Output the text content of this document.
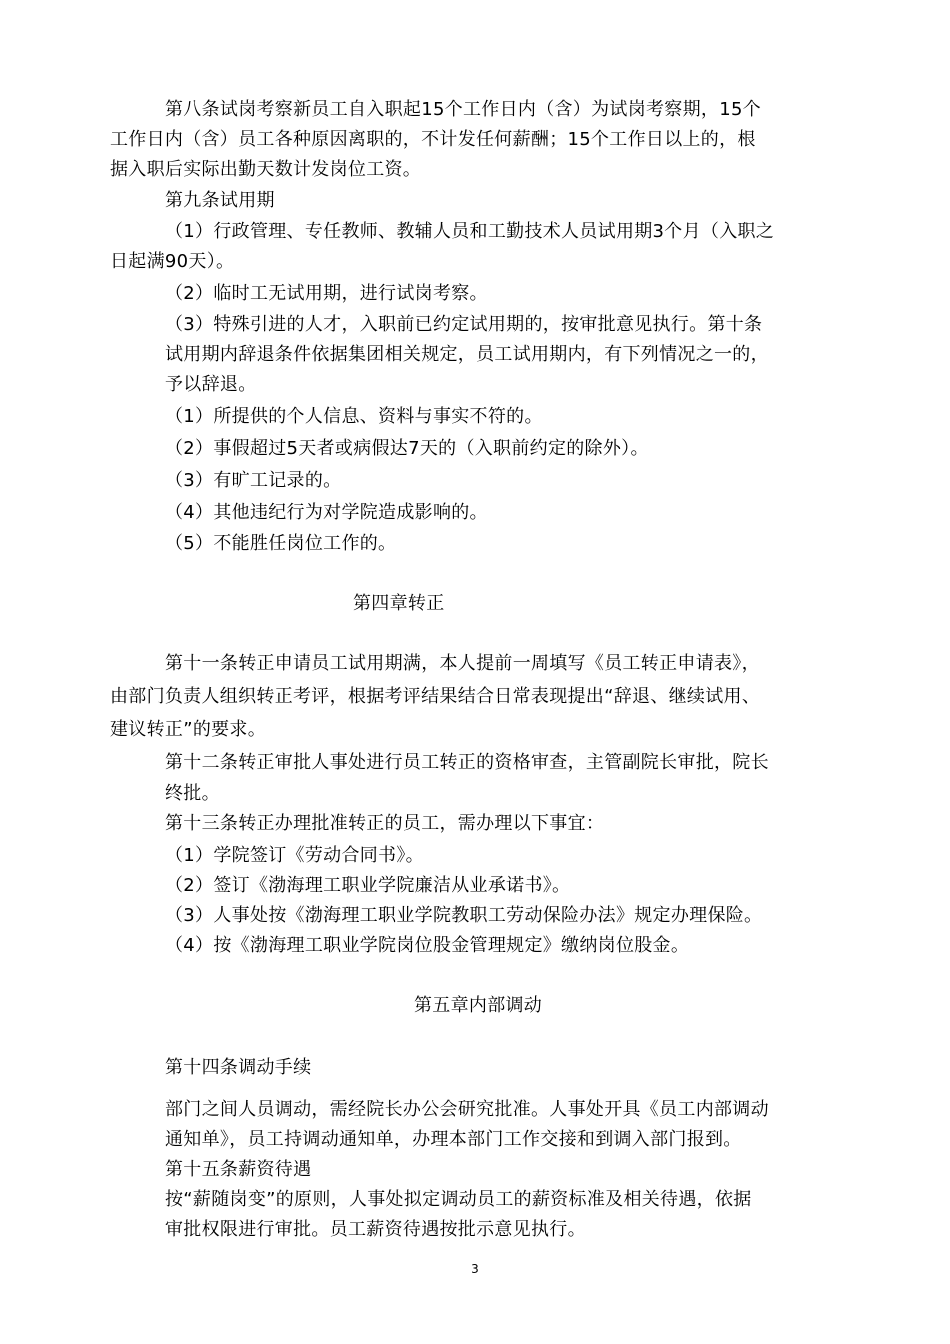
第八条试岗考察新员工自入职起15个工作日内（含）为试岗考察期，15个
工作日内（含）员工各种原因离职的，不计发任何薪酬；15个工作日以上的，根
据入职后实际出勤天数计发岗位工资。
第九条试用期
（1）行政管理、专任教师、教辅人员和工勤技术人员试用期3个月（入职之
日起满90天）。
（2）临时工无试用期，进行试岗考察。
（3）特殊引进的人才，入职前已约定试用期的，按审批意见执行。第十条
试用期内辞退条件依据集团相关规定，员工试用期内，有下列情况之一的，
予以辞退。
（1）所提供的个人信息、资料与事实不符的。
（2）事假超过5天者或病假达7天的（入职前约定的除外）。
（3）有旷工记录的。
（4）其他违纪行为对学院造成影响的。
（5）不能胜任岗位工作的。
第四章转正
第十一条转正申请员工试用期满，本人提前一周填写《员工转正申请表》，
由部门负责人组织转正考评，根据考评结果结合日常表现提出“辞退、继续试用、
建议转正”的要求。
第十二条转正审批人事处进行员工转正的资格审查，主管副院长审批，院长
终批。
第十三条转正办理批准转正的员工，需办理以下事宜：
（1）学院签订《劳动合同书》。
（2）签订《渤海理工职业学院廉洁从业承诺书》。
（3）人事处按《渤海理工职业学院教职工劳动保险办法》规定办理保险。
（4）按《渤海理工职业学院岗位股金管理规定》缴纳岗位股金。
第五章内部调动
第十四条调动手续
部门之间人员调动，需经院长办公会研究批准。人事处开具《员工内部调动
通知单》，员工持调动通知单，办理本部门工作交接和到调入部门报到。
第十五条薪资待遇
按“薪随岗变”的原则，人事处拟定调动员工的薪资标准及相关待遇，依据
审批权限进行审批。员工薪资待遇按批示意见执行。
3
